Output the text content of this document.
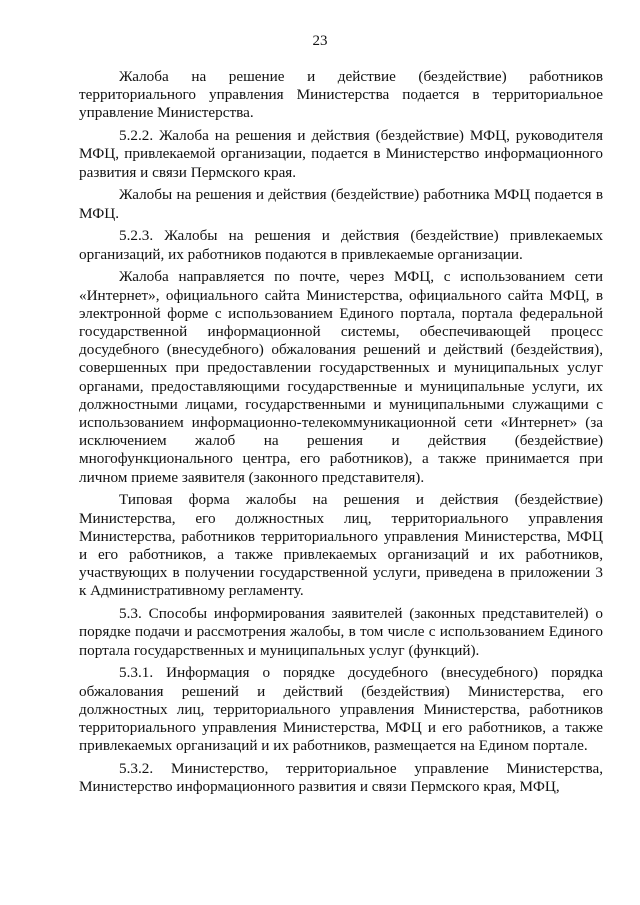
23

Жалоба на решение и действие (бездействие) работников территориального управления Министерства подается в территориальное управление Министерства.

5.2.2. Жалоба на решения и действия (бездействие) МФЦ, руководителя МФЦ, привлекаемой организации, подается в Министерство информационного развития и связи Пермского края.

Жалобы на решения и действия (бездействие) работника МФЦ подается в МФЦ.

5.2.3. Жалобы на решения и действия (бездействие) привлекаемых организаций, их работников подаются в привлекаемые организации.

Жалоба направляется по почте, через МФЦ, с использованием сети «Интернет», официального сайта Министерства, официального сайта МФЦ, в электронной форме с использованием Единого портала, портала федеральной государственной информационной системы, обеспечивающей процесс досудебного (внесудебного) обжалования решений и действий (бездействия), совершенных при предоставлении государственных и муниципальных услуг органами, предоставляющими государственные и муниципальные услуги, их должностными лицами, государственными и муниципальными служащими с использованием информационно-телекоммуникационной сети «Интернет» (за исключением жалоб на решения и действия (бездействие) многофункционального центра, его работников), а также принимается при личном приеме заявителя (законного представителя).

Типовая форма жалобы на решения и действия (бездействие) Министерства, его должностных лиц, территориального управления Министерства, работников территориального управления Министерства, МФЦ и его работников, а также привлекаемых организаций и их работников, участвующих в получении государственной услуги, приведена в приложении 3 к Административному регламенту.

5.3. Способы информирования заявителей (законных представителей) о порядке подачи и рассмотрения жалобы, в том числе с использованием Единого портала государственных и муниципальных услуг (функций).

5.3.1. Информация о порядке досудебного (внесудебного) порядка обжалования решений и действий (бездействия) Министерства, его должностных лиц, территориального управления Министерства, работников территориального управления Министерства, МФЦ и его работников, а также привлекаемых организаций и их работников, размещается на Едином портале.

5.3.2. Министерство, территориальное управление Министерства, Министерство информационного развития и связи Пермского края, МФЦ,
